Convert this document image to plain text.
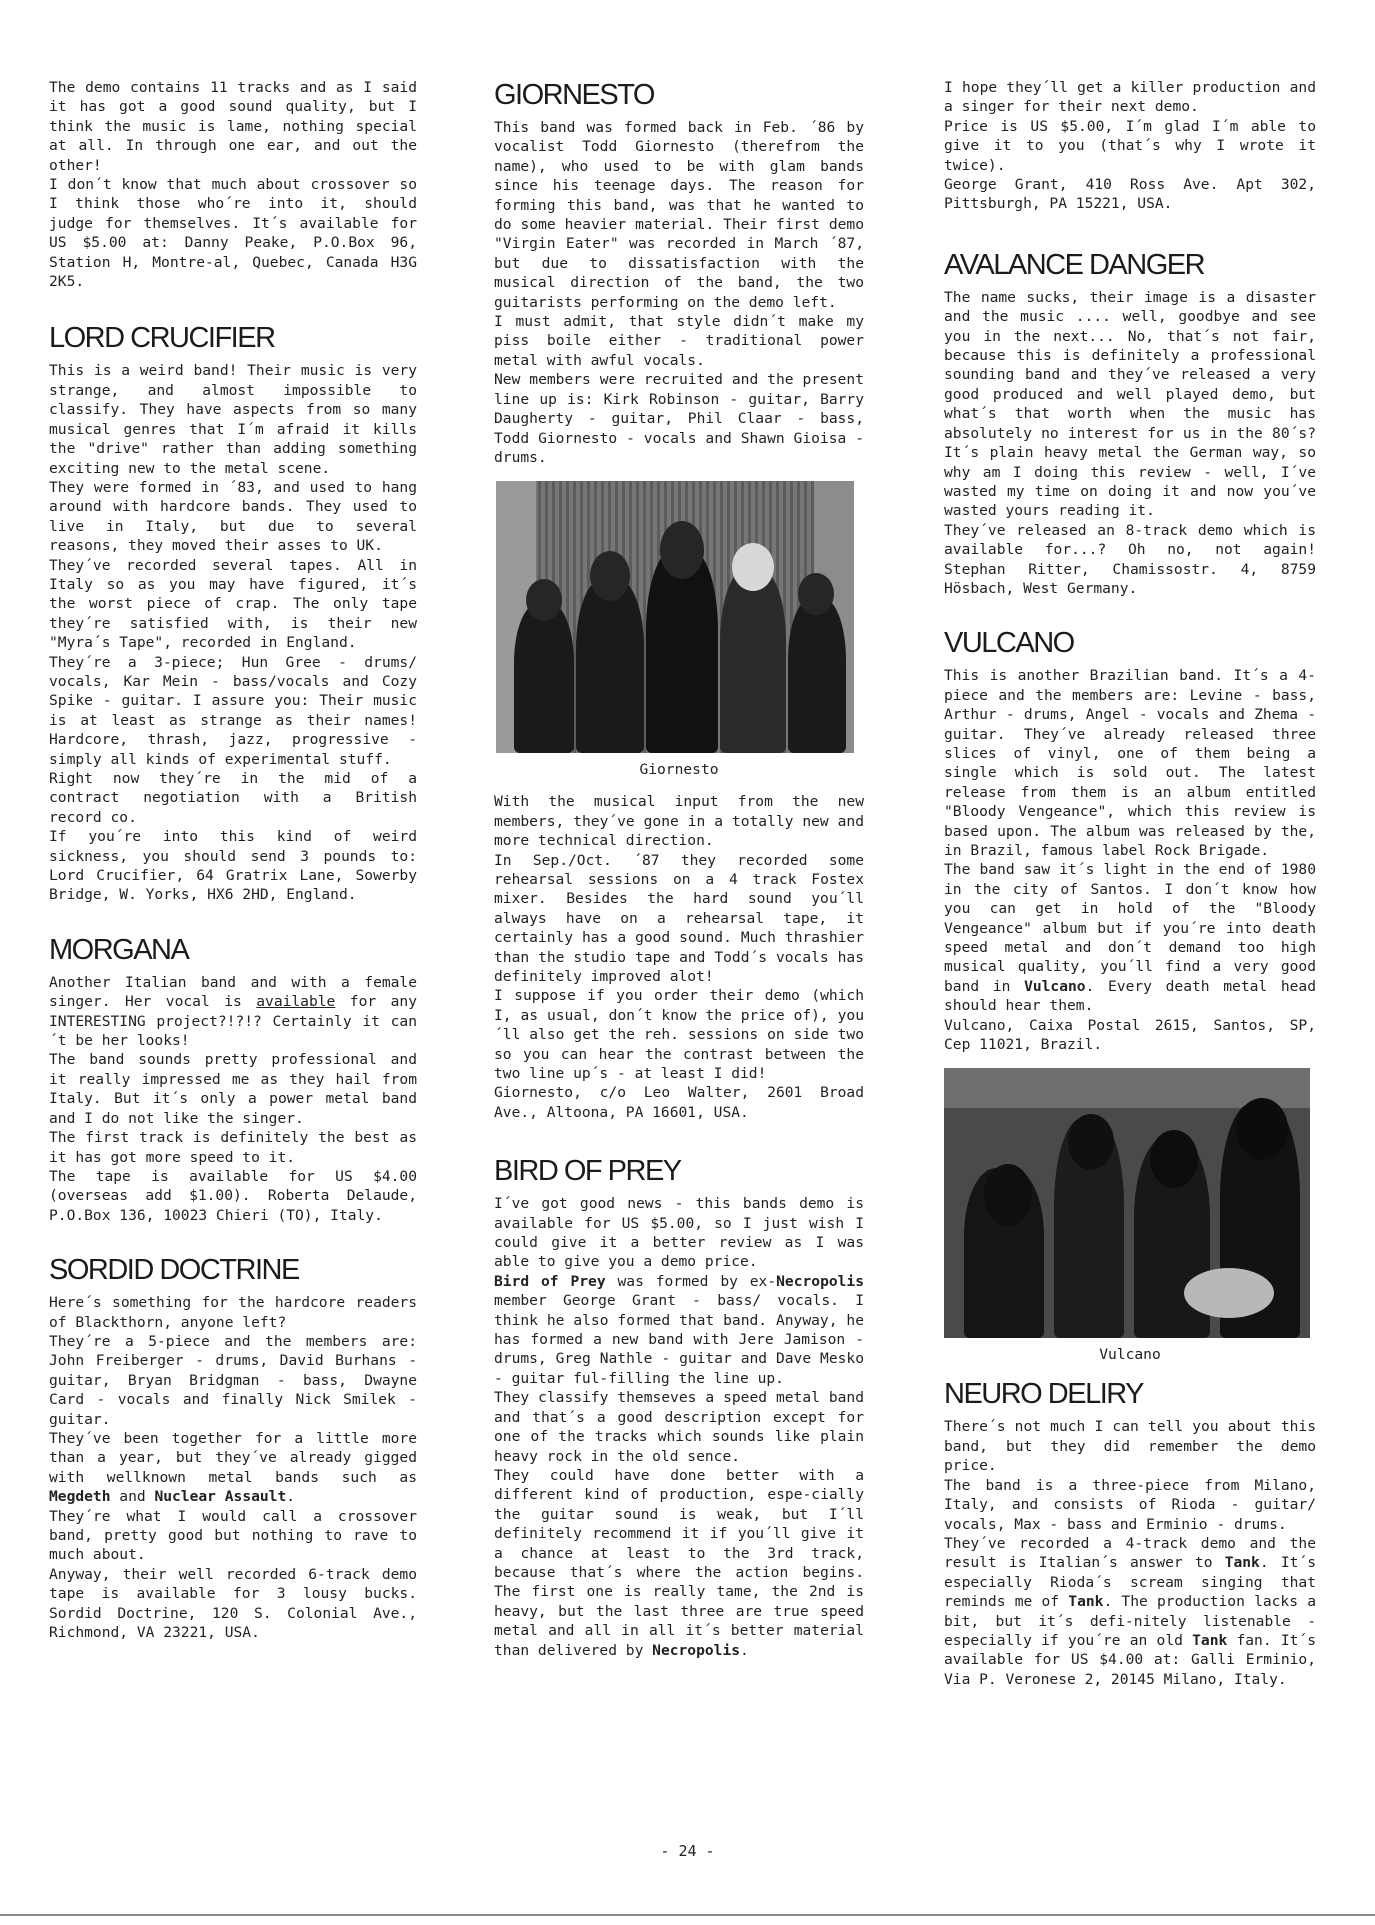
The demo contains 11 tracks and as I said it has got a good sound quality, but I think the music is lame, nothing special at all. In through one ear, and out the other!

I don´t know that much about crossover so I think those who´re into it, should judge for themselves. It´s available for US $5.00 at: Danny Peake, P.O.Box 96, Station H, Montre-al, Quebec, Canada H3G 2K5.

LORD CRUCIFIER

This is a weird band! Their music is very strange, and almost impossible to classify. They have aspects from so many musical genres that I´m afraid it kills the "drive" rather than adding something exciting new to the metal scene.

They were formed in ´83, and used to hang around with hardcore bands. They used to live in Italy, but due to several reasons, they moved their asses to UK.

They´ve recorded several tapes. All in Italy so as you may have figured, it´s the worst piece of crap. The only tape they´re satisfied with, is their new "Myra´s Tape", recorded in England.

They´re a 3-piece; Hun Gree - drums/ vocals, Kar Mein - bass/vocals and Cozy Spike - guitar. I assure you: Their music is at least as strange as their names! Hardcore, thrash, jazz, progressive - simply all kinds of experimental stuff.

Right now they´re in the mid of a contract negotiation with a British record co.

If you´re into this kind of weird sickness, you should send 3 pounds to: Lord Crucifier, 64 Gratrix Lane, Sowerby Bridge, W. Yorks, HX6 2HD, England.

MORGANA

Another Italian band and with a female singer. Her vocal is available for any INTERESTING project?!?!? Certainly it can´t be her looks!

The band sounds pretty professional and it really impressed me as they hail from Italy. But it´s only a power metal band and I do not like the singer.

The first track is definitely the best as it has got more speed to it.

The tape is available for US $4.00 (overseas add $1.00). Roberta Delaude, P.O.Box 136, 10023 Chieri (TO), Italy.

SORDID DOCTRINE

Here´s something for the hardcore readers of Blackthorn, anyone left?

They´re a 5-piece and the members are: John Freiberger - drums, David Burhans - guitar, Bryan Bridgman - bass, Dwayne Card - vocals and finally Nick Smilek - guitar.

They´ve been together for a little more than a year, but they´ve already gigged with wellknown metal bands such as Megdeth and Nuclear Assault.

They´re what I would call a crossover band, pretty good but nothing to rave to much about.

Anyway, their well recorded 6-track demo tape is available for 3 lousy bucks. Sordid Doctrine, 120 S. Colonial Ave., Richmond, VA 23221, USA.

GIORNESTO

This band was formed back in Feb. ´86 by vocalist Todd Giornesto (therefrom the name), who used to be with glam bands since his teenage days. The reason for forming this band, was that he wanted to do some heavier material. Their first demo "Virgin Eater" was recorded in March ´87, but due to dissatisfaction with the musical direction of the band, the two guitarists performing on the demo left.

I must admit, that style didn´t make my piss boile either - traditional power metal with awful vocals.

New members were recruited and the present line up is: Kirk Robinson - guitar, Barry Daugherty - guitar, Phil Claar - bass, Todd Giornesto - vocals and Shawn Gioisa - drums.

Giornesto

With the musical input from the new members, they´ve gone in a totally new and more technical direction.

In Sep./Oct. ´87 they recorded some rehearsal sessions on a 4 track Fostex mixer. Besides the hard sound you´ll always have on a rehearsal tape, it certainly has a good sound. Much thrashier than the studio tape and Todd´s vocals has definitely improved alot!

I suppose if you order their demo (which I, as usual, don´t know the price of), you´ll also get the reh. sessions on side two so you can hear the contrast between the two line up´s - at least I did!

Giornesto, c/o Leo Walter, 2601 Broad Ave., Altoona, PA 16601, USA.

BIRD OF PREY

I´ve got good news - this bands demo is available for US $5.00, so I just wish I could give it a better review as I was able to give you a demo price.

Bird of Prey was formed by ex-Necropolis member George Grant - bass/ vocals. I think he also formed that band. Anyway, he has formed a new band with Jere Jamison - drums, Greg Nathle - guitar and Dave Mesko - guitar ful-filling the line up.

They classify themseves a speed metal band and that´s a good description except for one of the tracks which sounds like plain heavy rock in the old sence.

They could have done better with a different kind of production, espe-cially the guitar sound is weak, but I´ll definitely recommend it if you´ll give it a chance at least to the 3rd track, because that´s where the action begins. The first one is really tame, the 2nd is heavy, but the last three are true speed metal and all in all it´s better material than delivered by Necropolis.

I hope they´ll get a killer production and a singer for their next demo.

Price is US $5.00, I´m glad I´m able to give it to you (that´s why I wrote it twice).

George Grant, 410 Ross Ave. Apt 302, Pittsburgh, PA 15221, USA.

AVALANCE DANGER

The name sucks, their image is a disaster and the music .... well, goodbye and see you in the next... No, that´s not fair, because this is definitely a professional sounding band and they´ve released a very good produced and well played demo, but what´s that worth when the music has absolutely no interest for us in the 80´s? It´s plain heavy metal the German way, so why am I doing this review - well, I´ve wasted my time on doing it and now you´ve wasted yours reading it.

They´ve released an 8-track demo which is available for...? Oh no, not again! Stephan Ritter, Chamissostr. 4, 8759 Hösbach, West Germany.

VULCANO

This is another Brazilian band. It´s a 4-piece and the members are: Levine - bass, Arthur - drums, Angel - vocals and Zhema - guitar. They´ve already released three slices of vinyl, one of them being a single which is sold out. The latest release from them is an album entitled "Bloody Vengeance", which this review is based upon. The album was released by the, in Brazil, famous label Rock Brigade.

The band saw it´s light in the end of 1980 in the city of Santos. I don´t know how you can get in hold of the "Bloody Vengeance" album but if you´re into death speed metal and don´t demand too high musical quality, you´ll find a very good band in Vulcano. Every death metal head should hear them.

Vulcano, Caixa Postal 2615, Santos, SP, Cep 11021, Brazil.

Vulcano
NEURO DELIRY

There´s not much I can tell you about this band, but they did remember the demo price.

The band is a three-piece from Milano, Italy, and consists of Rioda - guitar/ vocals, Max - bass and Erminio - drums.

They´ve recorded a 4-track demo and the result is Italian´s answer to Tank. It´s especially Rioda´s scream singing that reminds me of Tank. The production lacks a bit, but it´s defi-nitely listenable - especially if you´re an old Tank fan. It´s available for US $4.00 at: Galli Erminio, Via P. Veronese 2, 20145 Milano, Italy.

- 24 -
